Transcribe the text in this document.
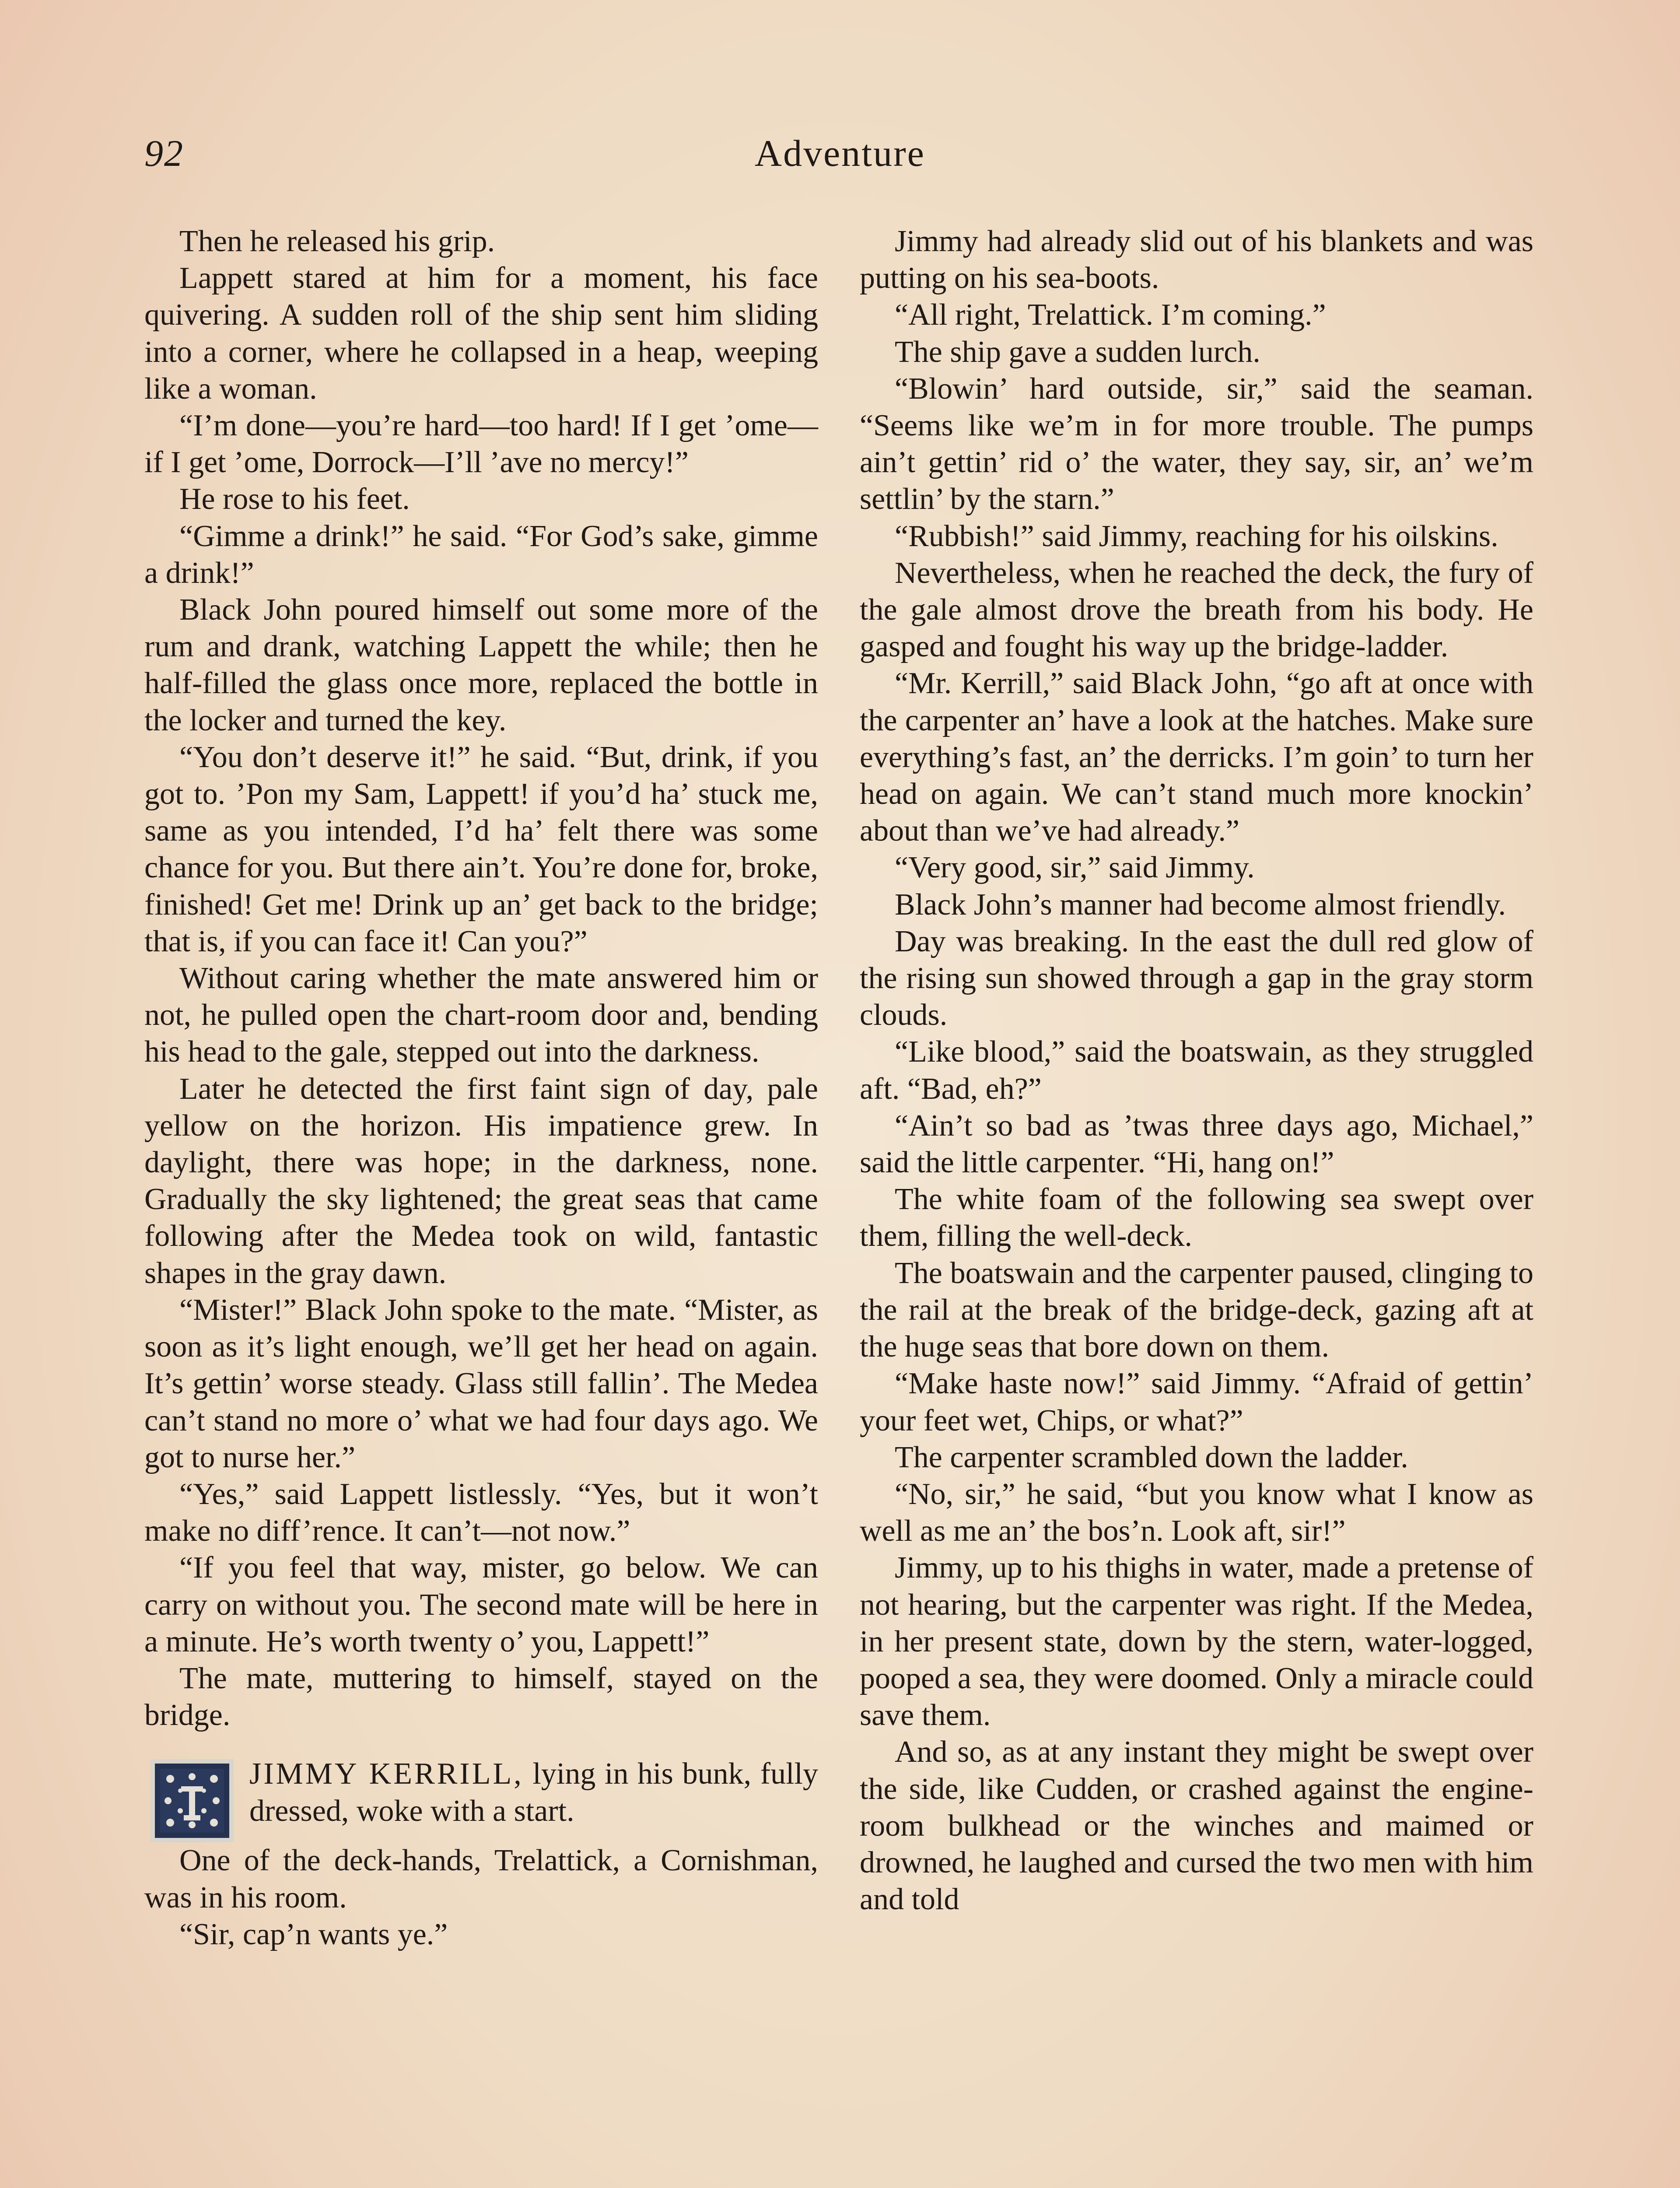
92	Adventure

Then he released his grip.

Lappett stared at him for a moment, his face quivering. A sudden roll of the ship sent him sliding into a corner, where he collapsed in a heap, weeping like a woman.

“I’m done—you’re hard—too hard! If I get ’ome—if I get ’ome, Dorrock—I’ll ’ave no mercy!”

He rose to his feet.

“Gimme a drink!” he said. “For God’s sake, gimme a drink!”

Black John poured himself out some more of the rum and drank, watching Lappett the while; then he half-filled the glass once more, replaced the bottle in the locker and turned the key.

“You don’t deserve it!” he said. “But, drink, if you got to. ’Pon my Sam, Lappett! if you’d ha’ stuck me, same as you intended, I’d ha’ felt there was some chance for you. But there ain’t. You’re done for, broke, finished! Get me! Drink up an’ get back to the bridge; that is, if you can face it! Can you?”

Without caring whether the mate answered him or not, he pulled open the chart-room door and, bending his head to the gale, stepped out into the darkness.

Later he detected the first faint sign of day, pale yellow on the horizon. His impatience grew. In daylight, there was hope; in the darkness, none. Gradually the sky lightened; the great seas that came following after the Medea took on wild, fantastic shapes in the gray dawn.

“Mister!” Black John spoke to the mate. “Mister, as soon as it’s light enough, we’ll get her head on again. It’s gettin’ worse steady. Glass still fallin’. The Medea can’t stand no more o’ what we had four days ago. We got to nurse her.”

“Yes,” said Lappett listlessly. “Yes, but it won’t make no diff’rence. It can’t—not now.”

“If you feel that way, mister, go below. We can carry on without you. The second mate will be here in a minute. He’s worth twenty o’ you, Lappett!”

The mate, muttering to himself, stayed on the bridge.

JIMMY KERRILL, lying in his bunk, fully dressed, woke with a start.

One of the deck-hands, Trelattick, a Cornishman, was in his room.

“Sir, cap’n wants ye.”

Jimmy had already slid out of his blankets and was putting on his sea-boots.

“All right, Trelattick. I’m coming.”

The ship gave a sudden lurch.

“Blowin’ hard outside, sir,” said the seaman. “Seems like we’m in for more trouble. The pumps ain’t gettin’ rid o’ the water, they say, sir, an’ we’m settlin’ by the starn.”

“Rubbish!” said Jimmy, reaching for his oilskins.

Nevertheless, when he reached the deck, the fury of the gale almost drove the breath from his body. He gasped and fought his way up the bridge-ladder.

“Mr. Kerrill,” said Black John, “go aft at once with the carpenter an’ have a look at the hatches. Make sure everything’s fast, an’ the derricks. I’m goin’ to turn her head on again. We can’t stand much more knockin’ about than we’ve had already.”

“Very good, sir,” said Jimmy.

Black John’s manner had become almost friendly.

Day was breaking. In the east the dull red glow of the rising sun showed through a gap in the gray storm clouds.

“Like blood,” said the boatswain, as they struggled aft. “Bad, eh?”

“Ain’t so bad as ’twas three days ago, Michael,” said the little carpenter. “Hi, hang on!”

The white foam of the following sea swept over them, filling the well-deck.

The boatswain and the carpenter paused, clinging to the rail at the break of the bridge-deck, gazing aft at the huge seas that bore down on them.

“Make haste now!” said Jimmy. “Afraid of gettin’ your feet wet, Chips, or what?”

The carpenter scrambled down the ladder.

“No, sir,” he said, “but you know what I know as well as me an’ the bos’n. Look aft, sir!”

Jimmy, up to his thighs in water, made a pretense of not hearing, but the carpenter was right. If the Medea, in her present state, down by the stern, water-logged, pooped a sea, they were doomed. Only a miracle could save them.

And so, as at any instant they might be swept over the side, like Cudden, or crashed against the engine-room bulkhead or the winches and maimed or drowned, he laughed and cursed the two men with him and told
